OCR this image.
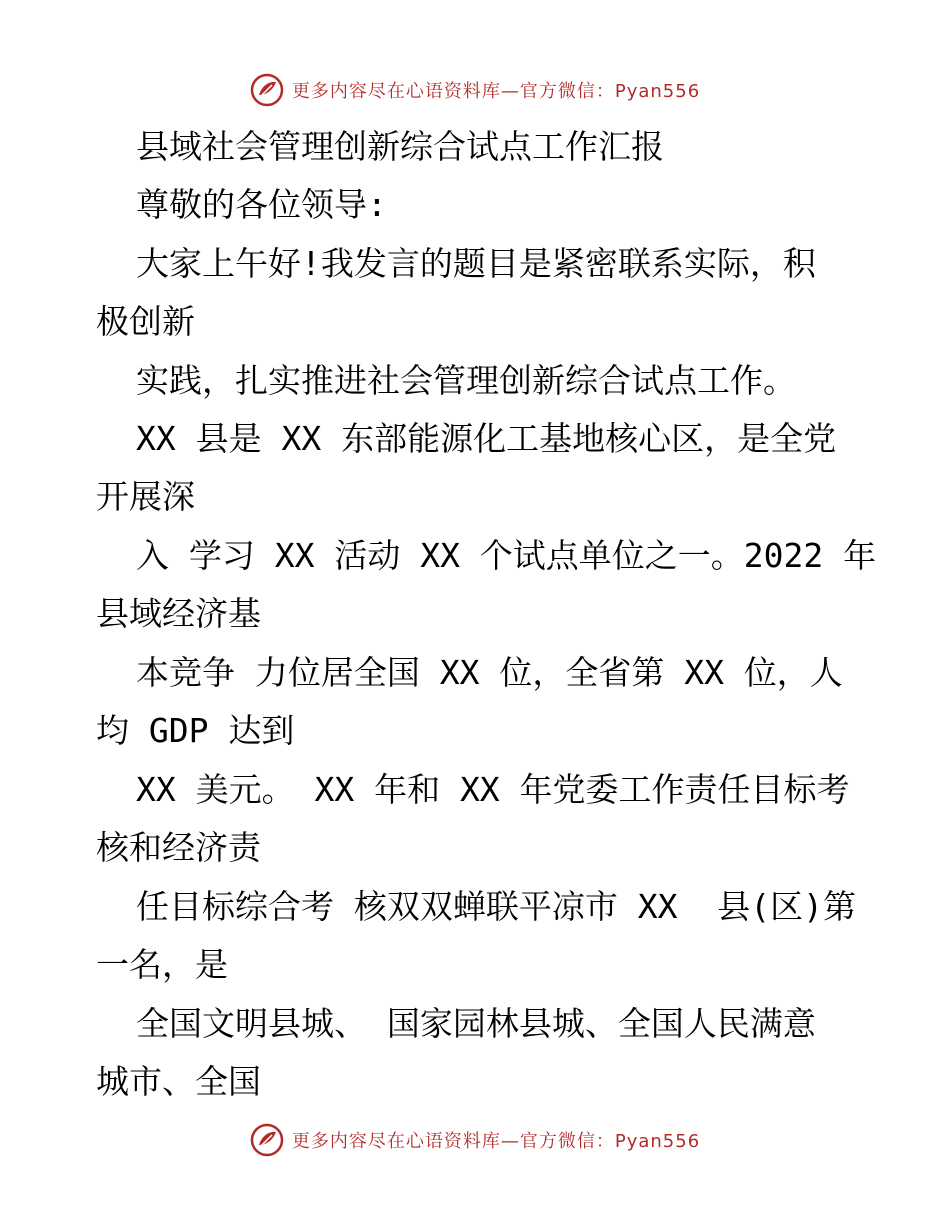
更多内容尽在心语资料库—官方微信：Pyan556
县域社会管理创新综合试点工作汇报
尊敬的各位领导:
大家上午好!我发言的题目是紧密联系实际，积
极创新
实践，扎实推进社会管理创新综合试点工作。
XX 县是 XX 东部能源化工基地核心区，是全党
开展深
入 学习 XX 活动 XX 个试点单位之一。2022 年
县域经济基
本竞争 力位居全国 XX 位，全省第 XX 位，人
均 GDP 达到
XX 美元。 XX 年和 XX 年党委工作责任目标考
核和经济责
任目标综合考 核双双蝉联平凉市 XX  县(区)第
一名，是
全国文明县城、 国家园林县城、全国人民满意
城市、全国
更多内容尽在心语资料库—官方微信：Pyan556
